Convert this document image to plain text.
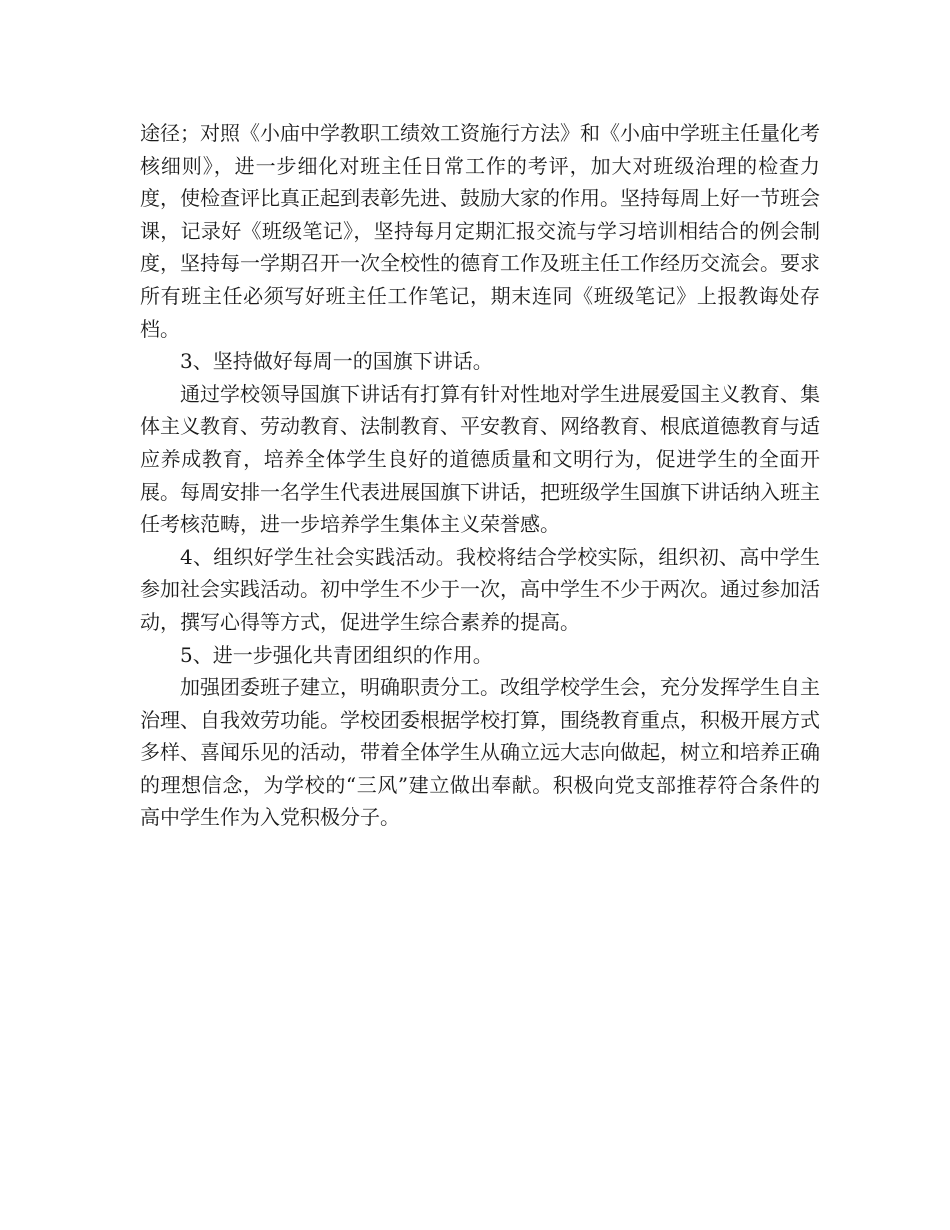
途径；对照《小庙中学教职工绩效工资施行方法》和《小庙中学班主任量化考核细则》，进一步细化对班主任日常工作的考评，加大对班级治理的检查力度，使检查评比真正起到表彰先进、鼓励大家的作用。坚持每周上好一节班会课，记录好《班级笔记》，坚持每月定期汇报交流与学习培训相结合的例会制度，坚持每一学期召开一次全校性的德育工作及班主任工作经历交流会。要求所有班主任必须写好班主任工作笔记，期末连同《班级笔记》上报教诲处存档。

3、坚持做好每周一的国旗下讲话。

通过学校领导国旗下讲话有打算有针对性地对学生进展爱国主义教育、集体主义教育、劳动教育、法制教育、平安教育、网络教育、根底道德教育与适应养成教育，培养全体学生良好的道德质量和文明行为，促进学生的全面开展。每周安排一名学生代表进展国旗下讲话，把班级学生国旗下讲话纳入班主任考核范畴，进一步培养学生集体主义荣誉感。

4、组织好学生社会实践活动。我校将结合学校实际，组织初、高中学生参加社会实践活动。初中学生不少于一次，高中学生不少于两次。通过参加活动，撰写心得等方式，促进学生综合素养的提高。

5、进一步强化共青团组织的作用。

加强团委班子建立，明确职责分工。改组学校学生会，充分发挥学生自主治理、自我效劳功能。学校团委根据学校打算，围绕教育重点，积极开展方式多样、喜闻乐见的活动，带着全体学生从确立远大志向做起，树立和培养正确的理想信念，为学校的“三风”建立做出奉献。积极向党支部推荐符合条件的高中学生作为入党积极分子。
